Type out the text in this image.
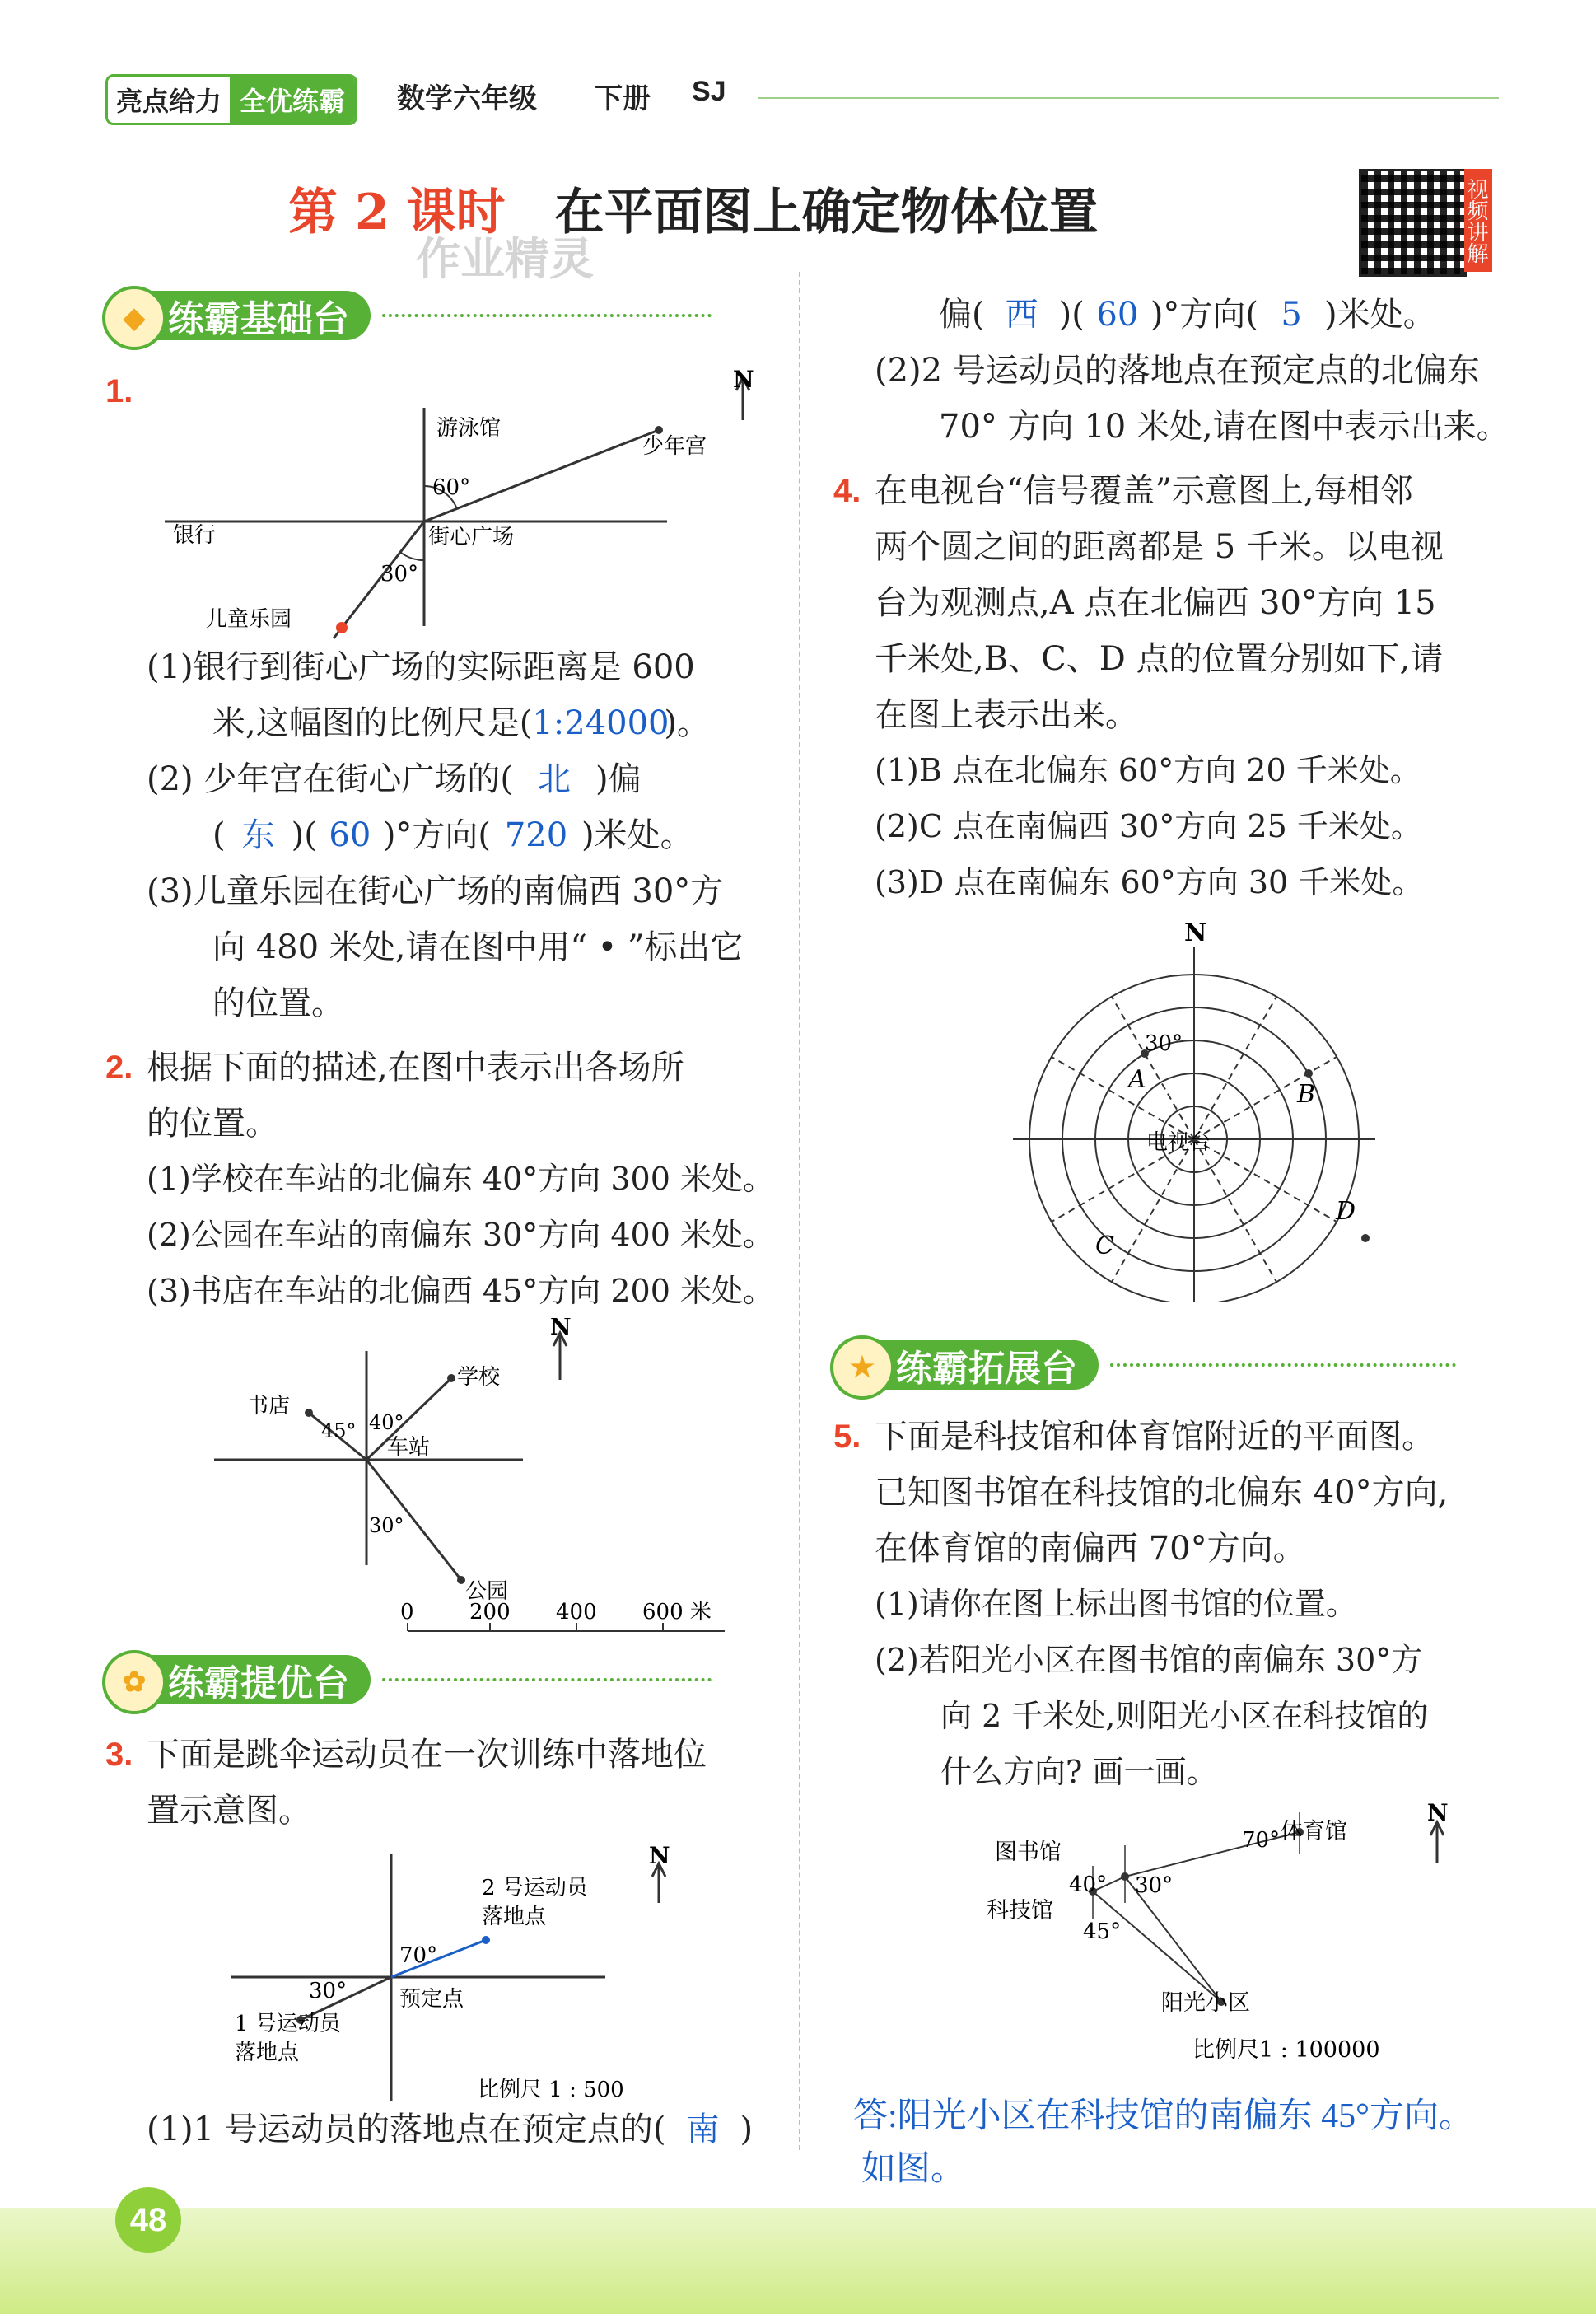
亮点给力 全优练霸	数学六年级 下册 SJ
第 2 课时 在平面图上确定物体位置	视频讲解
作业精灵
◆ 练霸基础台
1.	N
游泳馆
少年宫
银行	街心广场
儿童乐园
60°
30°
(1)银行到街心广场的实际距离是 600
米,这幅图的比例尺是(1:24000)。
(2) 少年宫在街心广场的( 北 )偏
( 东 )( 60 )°方向( 720 )米处。
(3)儿童乐园在街心广场的南偏西 30°方
向 480 米处,请在图中用“ • ”标出它
的位置。
2. 根据下面的描述,在图中表示出各场所
的位置。
(1)学校在车站的北偏东 40°方向 300 米处。
(2)公园在车站的南偏东 30°方向 400 米处。
(3)书店在车站的北偏西 45°方向 200 米处。
N
书店
学校
车站
公园
45° 40°
30°
0	200 400 600 米
✿ 练霸提优台
3. 下面是跳伞运动员在一次训练中落地位
置示意图。
N
2 号运动员
落地点
70°
30° 预定点
1 号运动员
落地点
比例尺 1 : 500
(1)1 号运动员的落地点在预定点的( 南 )
偏( 西 )( 60 )°方向( 5 )米处。
(2)2 号运动员的落地点在预定点的北偏东
70° 方向 10 米处,请在图中表示出来。
4. 在电视台“信号覆盖”示意图上,每相邻
两个圆之间的距离都是 5 千米。以电视
台为观测点,A 点在北偏西 30°方向 15
千米处,B、C、D 点的位置分别如下,请
在图上表示出来。
(1)B 点在北偏东 60°方向 20 千米处。
(2)C 点在南偏西 30°方向 25 千米处。
(3)D 点在南偏东 60°方向 30 千米处。
N
电视台
30°
A
B
C
D
★ 练霸拓展台
5. 下面是科技馆和体育馆附近的平面图。
已知图书馆在科技馆的北偏东 40°方向,
在体育馆的南偏西 70°方向。
(1)请你在图上标出图书馆的位置。
(2)若阳光小区在图书馆的南偏东 30°方
向 2 千米处,则阳光小区在科技馆的
什么方向? 画一画。
N
图书馆
体育馆
科技馆
阳光小区
70°
40° 30°
45°
比例尺1 : 100000
答:阳光小区在科技馆的南偏东 45°方向。
如图。
48
